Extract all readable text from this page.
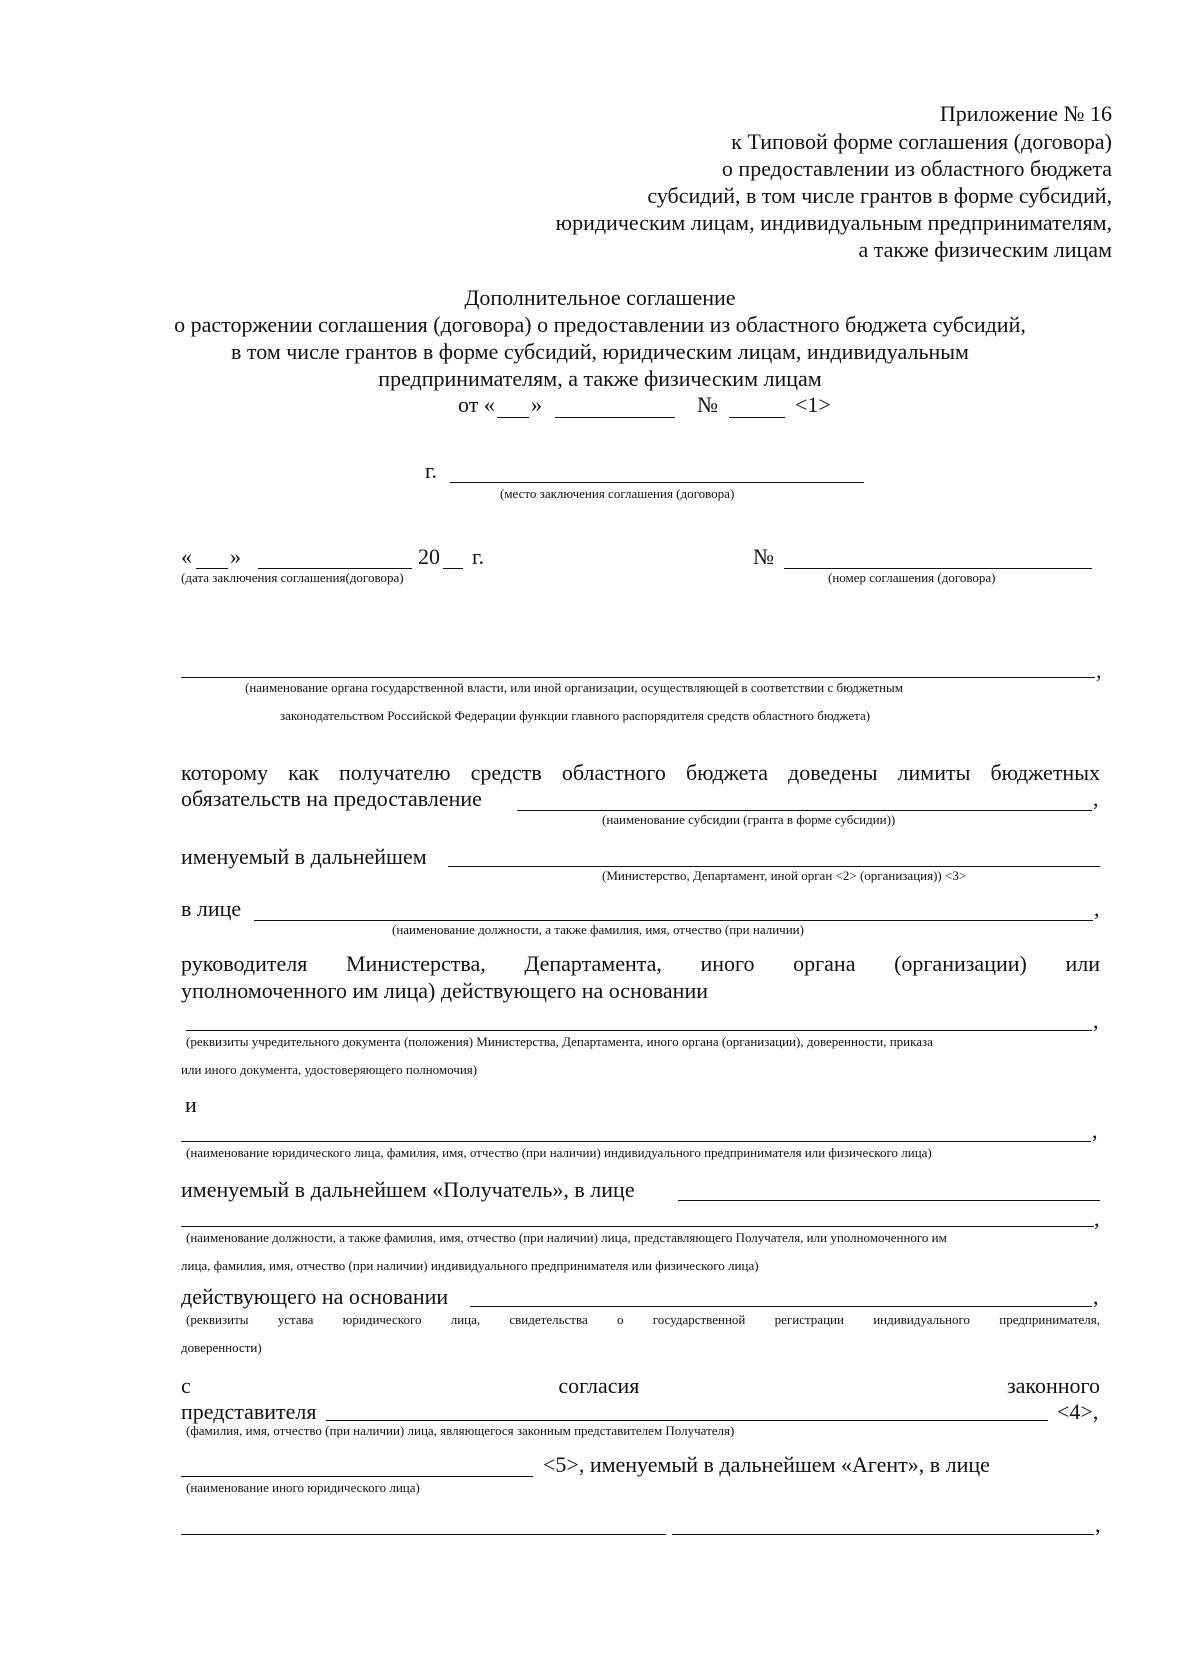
Приложение № 16
к Типовой форме соглашения (договора)
о предоставлении из областного бюджета
субсидий, в том числе грантов в форме субсидий,
юридическим лицам, индивидуальным предпринимателям,
а также физическим лицам
Дополнительное соглашение
о расторжении соглашения (договора) о предоставлении из областного бюджета субсидий,
в том числе грантов в форме субсидий, юридическим лицам, индивидуальным
предпринимателям, а также физическим лицам
от « »	№	<1>
г.
(место заключения соглашения (договора)
« »	20 г.
(дата заключения соглашения(договора)
№
(номер соглашения (договора)
,
(наименование органа государственной власти, или иной организации, осуществляющей в соответствии с бюджетным
законодательством Российской Федерации функции главного распорядителя средств областного бюджета)
которому как получателю средств областного бюджета доведены лимиты бюджетных
обязательств на предоставление	,
(наименование субсидии (гранта в форме субсидии))
именуемый в дальнейшем
(Министерство, Департамент, иной орган <2> (организация)) <3>
в лице	,
(наименование должности, а также фамилия, имя, отчество (при наличии)
руководителя Министерства, Департамента, иного органа (организации) или
уполномоченного им лица) действующего на основании
,
(реквизиты учредительного документа (положения) Министерства, Департамента, иного органа (организации), доверенности, приказа
или иного документа, удостоверяющего полномочия)
и
,
(наименование юридического лица, фамилия, имя, отчество (при наличии) индивидуального предпринимателя или физического лица)
именуемый в дальнейшем «Получатель», в лице
,
(наименование должности, а также фамилия, имя, отчество (при наличии) лица, представляющего Получателя, или уполномоченного им
лица, фамилия, имя, отчество (при наличии) индивидуального предпринимателя или физического лица)
действующего на основании	,
(реквизиты устава юридического лица, свидетельства о государственной регистрации индивидуального предпринимателя,
доверенности)
с согласия законного
представителя	<4>,
(фамилия, имя, отчество (при наличии) лица, являющегося законным представителем Получателя)
<5>, именуемый в дальнейшем «Агент», в лице
(наименование иного юридического лица)
,
